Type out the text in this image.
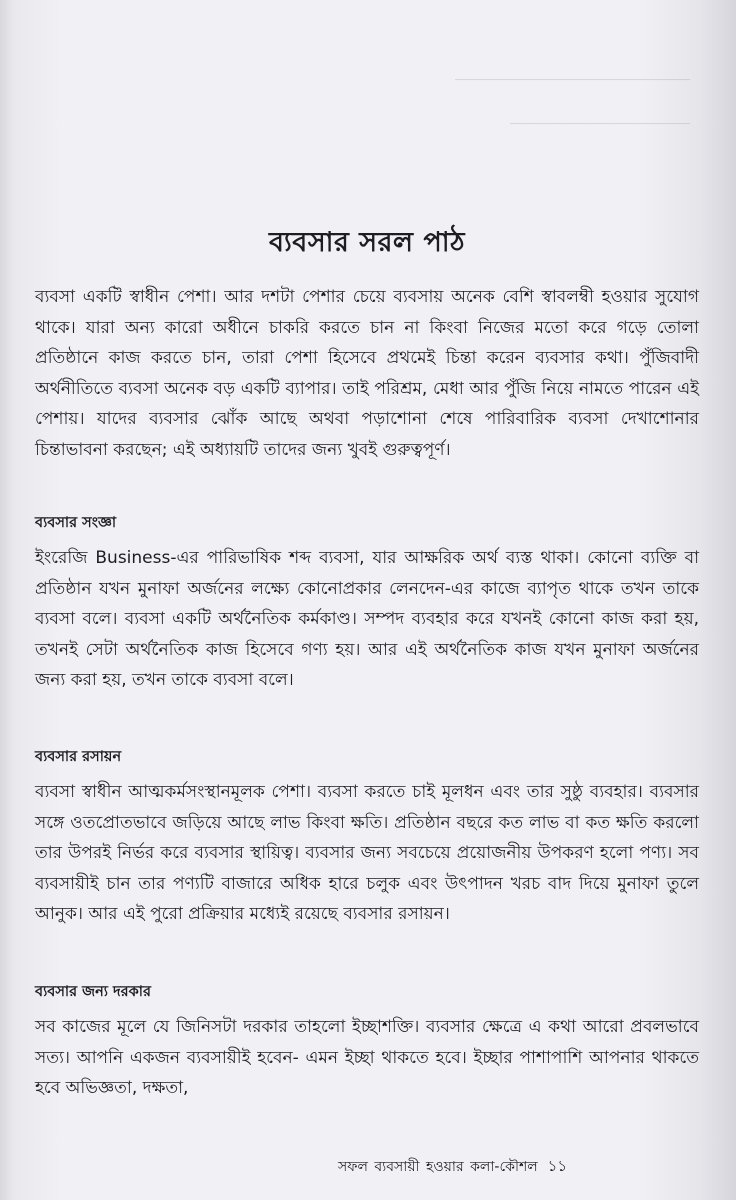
──────────────────────────────

───────────────────────

ব্যবসার সরল পাঠ

ব্যবসা একটি স্বাধীন পেশা। আর দশটা পেশার চেয়ে ব্যবসায় অনেক বেশি স্বাবলম্বী হওয়ার সুযোগ থাকে। যারা অন্য কারো অধীনে চাকরি করতে চান না কিংবা নিজের মতো করে গড়ে তোলা প্রতিষ্ঠানে কাজ করতে চান, তারা পেশা হিসেবে প্রথমেই চিন্তা করেন ব্যবসার কথা। পুঁজিবাদী অর্থনীতিতে ব্যবসা অনেক বড় একটি ব্যাপার। তাই পরিশ্রম, মেধা আর পুঁজি নিয়ে নামতে পারেন এই পেশায়। যাদের ব্যবসার ঝোঁক আছে অথবা পড়াশোনা শেষে পারিবারিক ব্যবসা দেখাশোনার চিন্তাভাবনা করছেন; এই অধ্যায়টি তাদের জন্য খুবই গুরুত্বপূর্ণ।

ব্যবসার সংজ্ঞা

ইংরেজি Business-এর পারিভাষিক শব্দ ব্যবসা, যার আক্ষরিক অর্থ ব্যস্ত থাকা। কোনো ব্যক্তি বা প্রতিষ্ঠান যখন মুনাফা অর্জনের লক্ষ্যে কোনোপ্রকার লেনদেন-এর কাজে ব্যাপৃত থাকে তখন তাকে ব্যবসা বলে। ব্যবসা একটি অর্থনৈতিক কর্মকাণ্ড। সম্পদ ব্যবহার করে যখনই কোনো কাজ করা হয়, তখনই সেটা অর্থনৈতিক কাজ হিসেবে গণ্য হয়। আর এই অর্থনৈতিক কাজ যখন মুনাফা অর্জনের জন্য করা হয়, তখন তাকে ব্যবসা বলে।

ব্যবসার রসায়ন

ব্যবসা স্বাধীন আত্মকর্মসংস্থানমূলক পেশা। ব্যবসা করতে চাই মূলধন এবং তার সুষ্ঠু ব্যবহার। ব্যবসার সঙ্গে ওতপ্রোতভাবে জড়িয়ে আছে লাভ কিংবা ক্ষতি। প্রতিষ্ঠান বছরে কত লাভ বা কত ক্ষতি করলো তার উপরই নির্ভর করে ব্যবসার স্থায়িত্ব। ব্যবসার জন্য সবচেয়ে প্রয়োজনীয় উপকরণ হলো পণ্য। সব ব্যবসায়ীই চান তার পণ্যটি বাজারে অধিক হারে চলুক এবং উৎপাদন খরচ বাদ দিয়ে মুনাফা তুলে আনুক। আর এই পুরো প্রক্রিয়ার মধ্যেই রয়েছে ব্যবসার রসায়ন।

ব্যবসার জন্য দরকার

সব কাজের মূলে যে জিনিসটা দরকার তাহলো ইচ্ছাশক্তি। ব্যবসার ক্ষেত্রে এ কথা আরো প্রবলভাবে সত্য। আপনি একজন ব্যবসায়ীই হবেন- এমন ইচ্ছা থাকতে হবে। ইচ্ছার পাশাপাশি আপনার থাকতে হবে অভিজ্ঞতা, দক্ষতা,

সফল ব্যবসায়ী হওয়ার কলা-কৌশল ১১
